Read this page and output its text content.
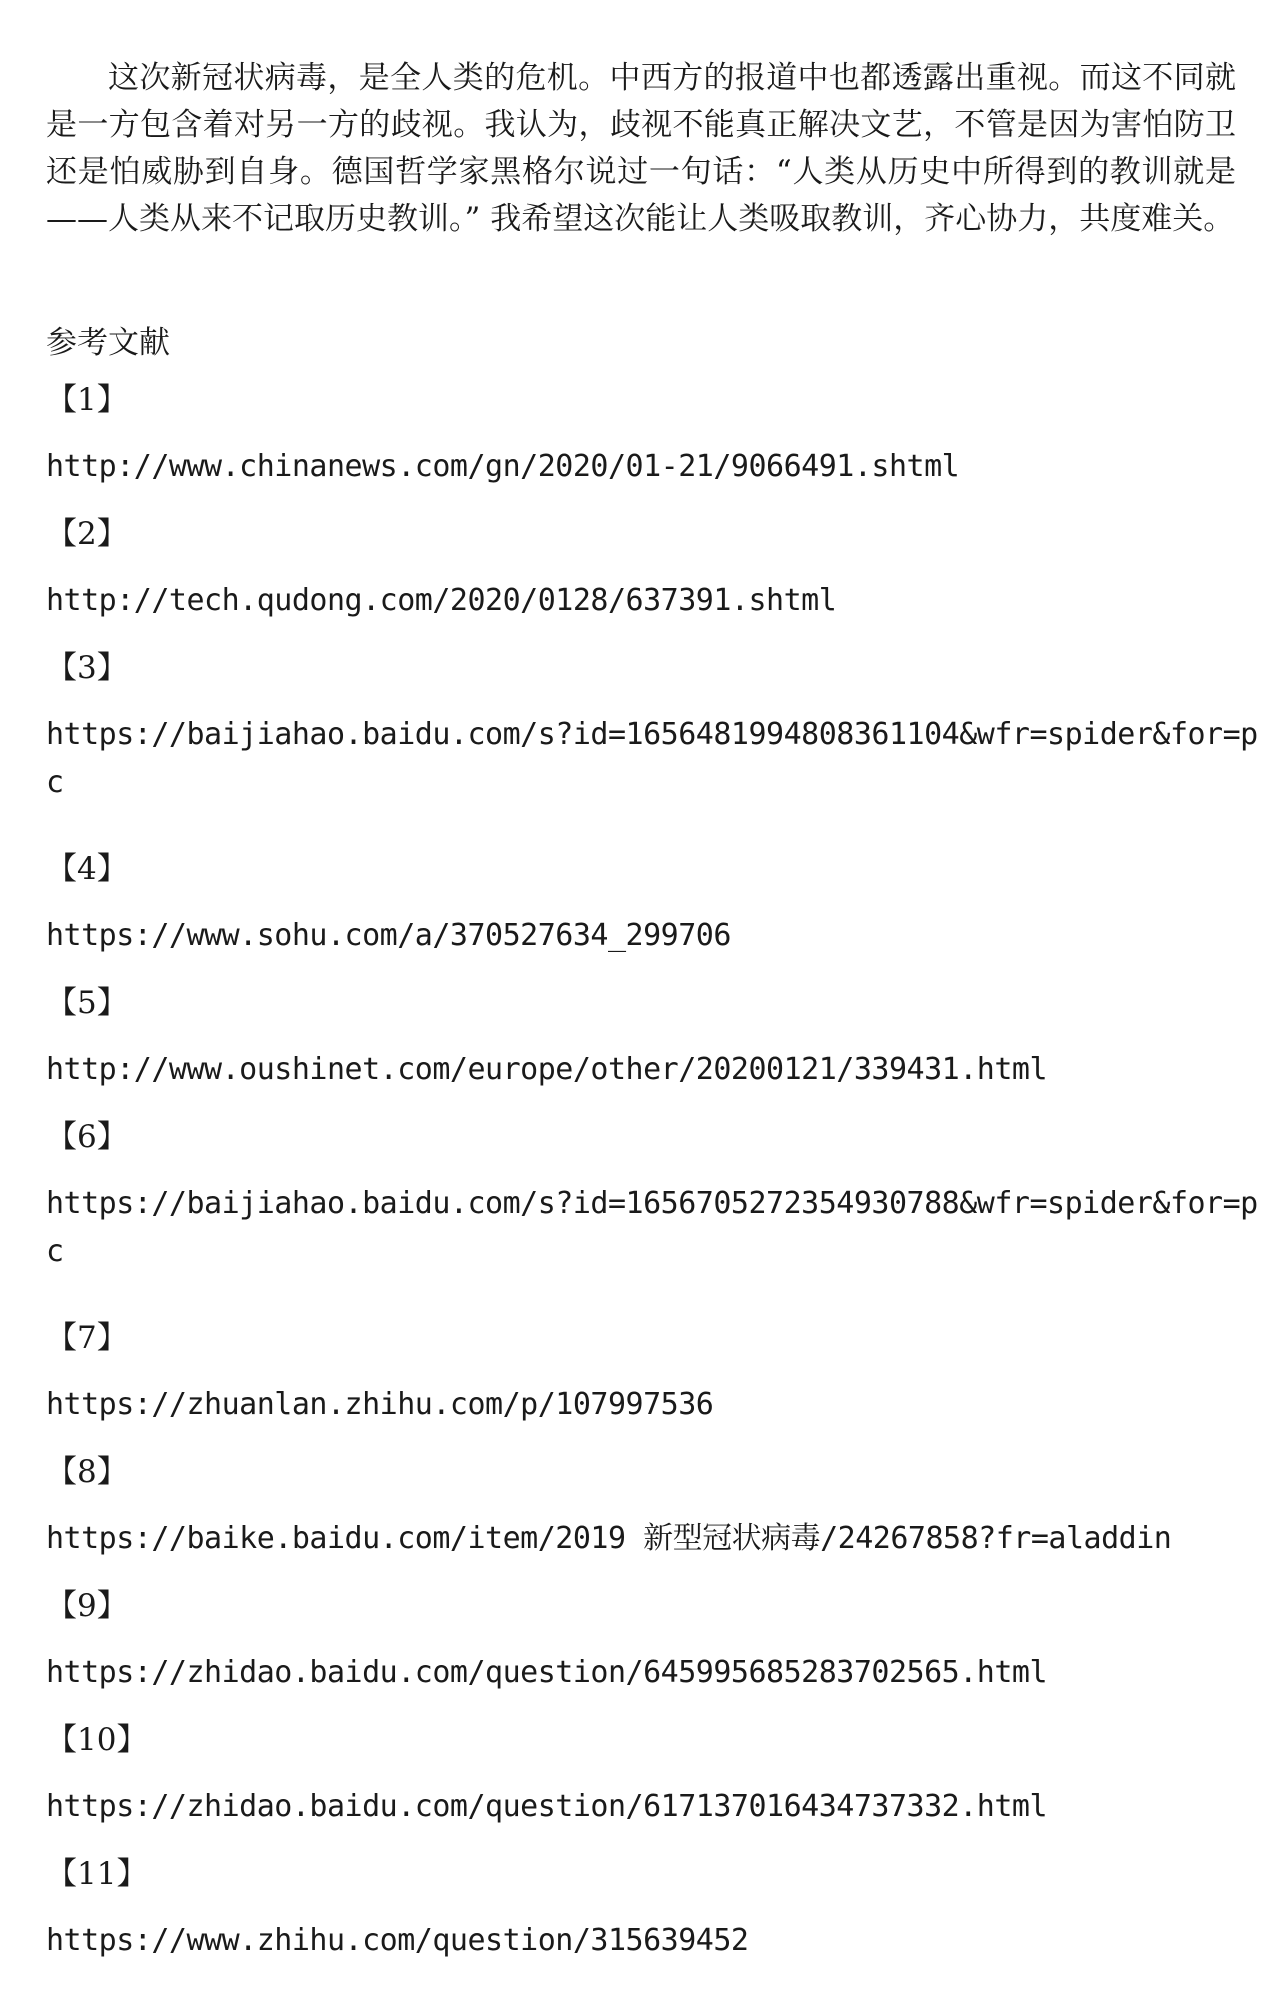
这次新冠状病毒，是全人类的危机。中西方的报道中也都透露出重视。而这不同就是一方包含着对另一方的歧视。我认为，歧视不能真正解决文艺，不管是因为害怕防卫还是怕威胁到自身。德国哲学家黑格尔说过一句话：“人类从历史中所得到的教训就是——人类从来不记取历史教训。” 我希望这次能让人类吸取教训，齐心协力，共度难关。

参考文献

【1】
http://www.chinanews.com/gn/2020/01-21/9066491.shtml
【2】
http://tech.qudong.com/2020/0128/637391.shtml
【3】
https://baijiahao.baidu.com/s?id=1656481994808361104&wfr=spider&for=p
c
【4】
https://www.sohu.com/a/370527634_299706
【5】
http://www.oushinet.com/europe/other/20200121/339431.html
【6】
https://baijiahao.baidu.com/s?id=1656705272354930788&wfr=spider&for=p
c
【7】
https://zhuanlan.zhihu.com/p/107997536
【8】
https://baike.baidu.com/item/2019 新型冠状病毒/24267858?fr=aladdin
【9】
https://zhidao.baidu.com/question/645995685283702565.html
【10】
https://zhidao.baidu.com/question/617137016434737332.html
【11】
https://www.zhihu.com/question/315639452
